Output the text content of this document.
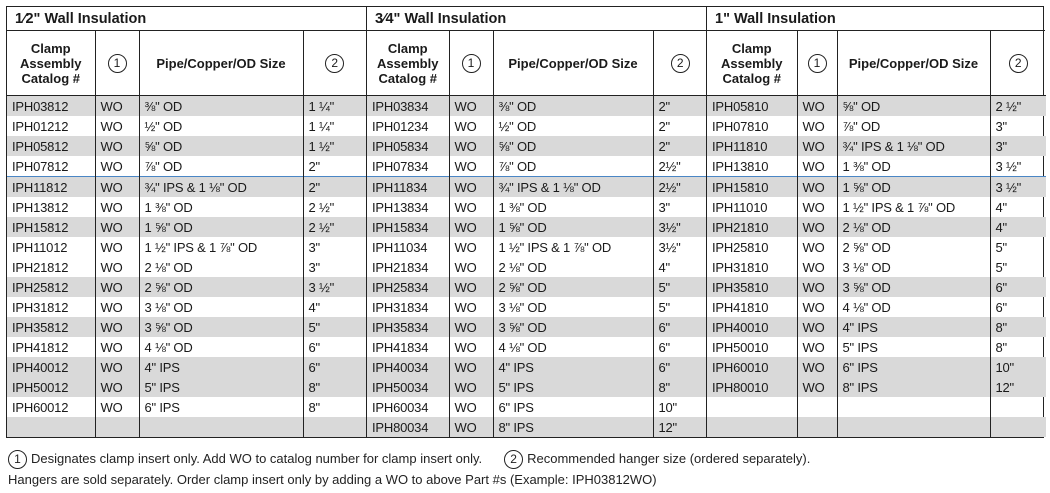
1⁄2" Wall Insulation
Clamp Assembly Catalog #	1	Pipe/Copper/OD Size	2
IPH03812	WO	⅜" OD	1 ¼"
IPH01212	WO	½" OD	1 ¼"
IPH05812	WO	⅝" OD	1 ½"
IPH07812	WO	⅞" OD	2"
IPH11812	WO	¾" IPS & 1 ⅛" OD	2"
IPH13812	WO	1 ⅜" OD	2 ½"
IPH15812	WO	1 ⅝" OD	2 ½"
IPH11012	WO	1 ½" IPS & 1 ⅞" OD	3"
IPH21812	WO	2 ⅛" OD	3"
IPH25812	WO	2 ⅝" OD	3 ½"
IPH31812	WO	3 ⅛" OD	4"
IPH35812	WO	3 ⅝" OD	5"
IPH41812	WO	4 ⅛" OD	6"
IPH40012	WO	4" IPS	6"
IPH50012	WO	5" IPS	8"
IPH60012	WO	6" IPS	8"

3⁄4" Wall Insulation
Clamp Assembly Catalog #	1	Pipe/Copper/OD Size	2
IPH03834	WO	⅜" OD	2"
IPH01234	WO	½" OD	2"
IPH05834	WO	⅝" OD	2"
IPH07834	WO	⅞" OD	2½"
IPH11834	WO	¾" IPS & 1 ⅛" OD	2½"
IPH13834	WO	1 ⅜" OD	3"
IPH15834	WO	1 ⅝" OD	3½"
IPH11034	WO	1 ½" IPS & 1 ⅞" OD	3½"
IPH21834	WO	2 ⅛" OD	4"
IPH25834	WO	2 ⅝" OD	5"
IPH31834	WO	3 ⅛" OD	5"
IPH35834	WO	3 ⅝" OD	6"
IPH41834	WO	4 ⅛" OD	6"
IPH40034	WO	4" IPS	6"
IPH50034	WO	5" IPS	8"
IPH60034	WO	6" IPS	10"
IPH80034	WO	8" IPS	12"
1" Wall Insulation
Clamp Assembly Catalog #	1	Pipe/Copper/OD Size	2
IPH05810	WO	⅝" OD	2 ½"
IPH07810	WO	⅞" OD	3"
IPH11810	WO	¾" IPS & 1 ⅛" OD	3"
IPH13810	WO	1 ⅜" OD	3 ½"
IPH15810	WO	1 ⅝" OD	3 ½"
IPH11010	WO	1 ½" IPS & 1 ⅞" OD	4"
IPH21810	WO	2 ⅛" OD	4"
IPH25810	WO	2 ⅝" OD	5"
IPH31810	WO	3 ⅛" OD	5"
IPH35810	WO	3 ⅝" OD	6"
IPH41810	WO	4 ⅛" OD	6"
IPH40010	WO	4" IPS	8"
IPH50010	WO	5" IPS	8"
IPH60010	WO	6" IPS	10"
IPH80010	WO	8" IPS	12"

1 Designates clamp insert only. Add WO to catalog number for clamp insert only. 2 Recommended hanger size (ordered separately).
Hangers are sold separately. Order clamp insert only by adding a WO to above Part #s (Example: IPH03812WO)
